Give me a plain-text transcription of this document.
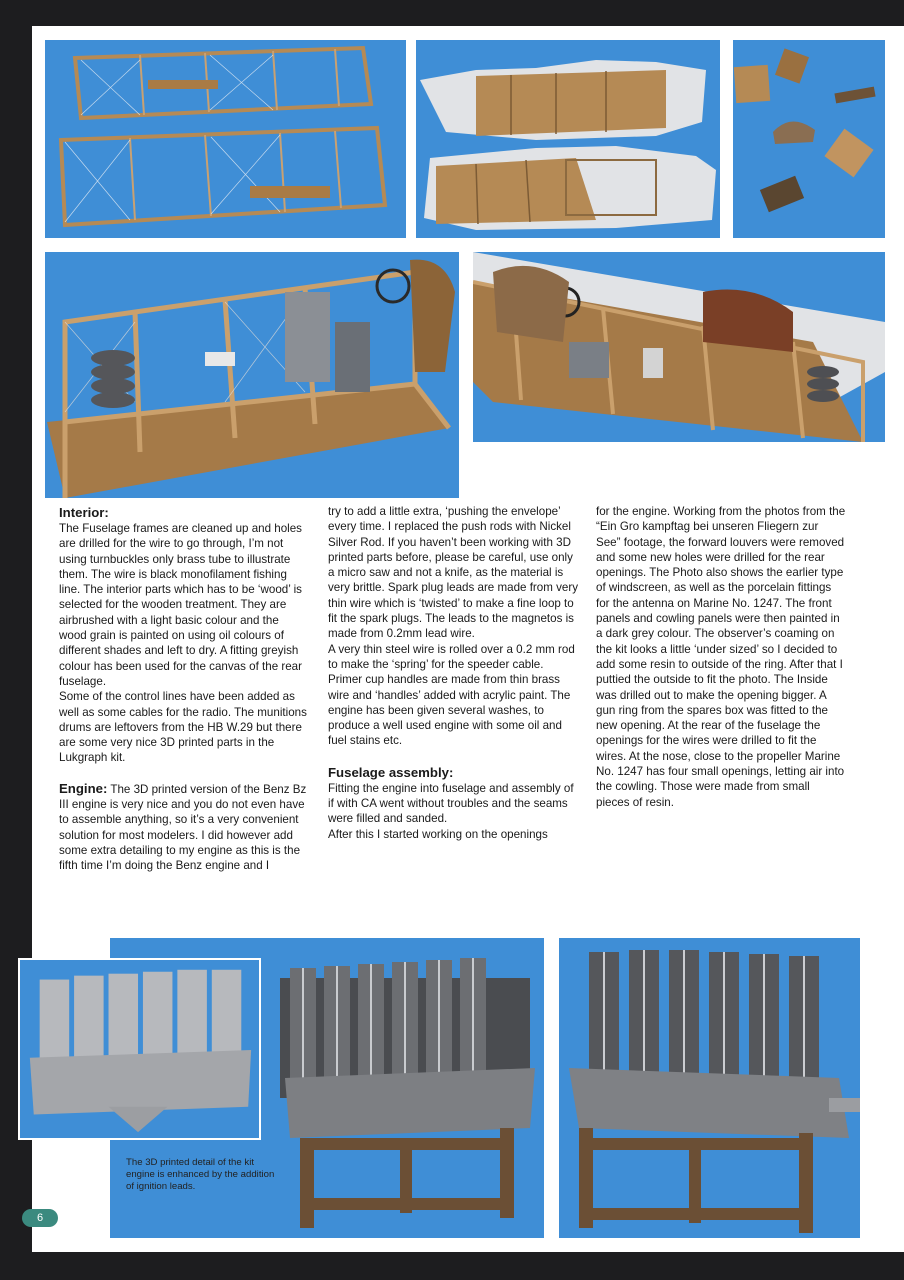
Interior:

The Fuselage frames are cleaned up and holes are drilled for the wire to go through, I’m not using turnbuckles only brass tube to illustrate them. The wire is black monofilament fishing line. The interior parts which has to be ‘wood’ is selected for the wooden treatment. They are airbrushed with a light basic colour and the wood grain is painted on using oil colours of different shades and left to dry. A fitting greyish colour has been used for the canvas of the rear fuselage.

Some of the control lines have been added as well as some cables for the radio. The munitions drums are leftovers from the HB W.29 but there are some very nice 3D printed parts in the Lukgraph kit.

Engine: The 3D printed version of the Benz Bz III engine is very nice and you do not even have to assemble anything, so it’s a very convenient solution for most modelers. I did however add some extra detailing to my engine as this is the fifth time I’m doing the Benz engine and I

try to add a little extra, ‘pushing the envelope’ every time. I replaced the push rods with Nickel Silver Rod. If you haven’t been working with 3D printed parts before, please be careful, use only a micro saw and not a knife, as the material is very brittle. Spark plug leads are made from very thin wire which is ‘twisted’ to make a fine loop to fit the spark plugs. The leads to the magnetos is made from 0.2mm lead wire.

A very thin steel wire is rolled over a 0.2 mm rod to make the ‘spring’ for the speeder cable. Primer cup handles are made from thin brass wire and ‘handles’ added with acrylic paint. The engine has been given several washes, to produce a well used engine with some oil and fuel stains etc.

Fuselage assembly:

Fitting the engine into fuselage and assembly of if with CA went without troubles and the seams were filled and sanded.

After this I started working on the openings

for the engine. Working from the photos from the “Ein Gro kampftag bei unseren Fliegern zur See” footage, the forward louvers were removed and some new holes were drilled for the rear openings. The Photo also shows the earlier type of windscreen, as well as the porcelain fittings for the antenna on Marine No. 1247. The front panels and cowling panels were then painted in a dark grey colour. The observer’s coaming on the kit looks a little ‘under sized’ so I decided to add some resin to outside of the ring. After that I puttied the outside to fit the photo. The Inside was drilled out to make the opening bigger. A gun ring from the spares box was fitted to the new opening. At the rear of the fuselage the openings for the wires were drilled to fit the wires. At the nose, close to the propeller Marine No. 1247 has four small openings, letting air into the cowling. Those were made from small pieces of resin.

The 3D printed detail of the kit engine is enhanced by the addition of ignition leads.

6
